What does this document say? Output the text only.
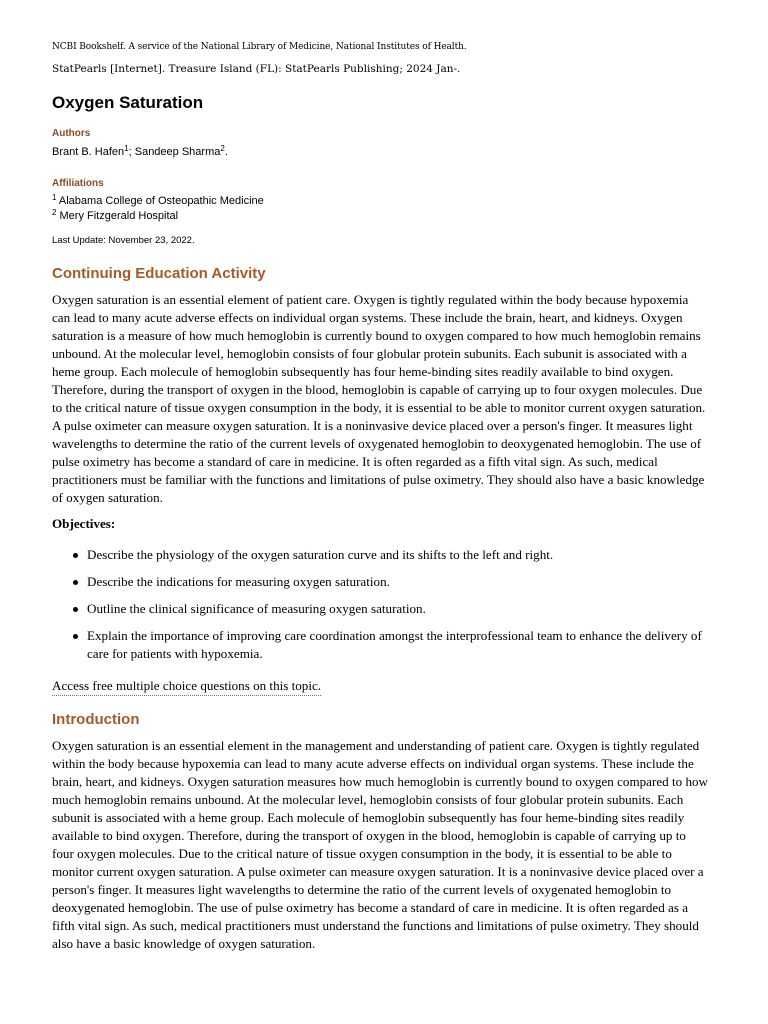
NCBI Bookshelf. A service of the National Library of Medicine, National Institutes of Health.
StatPearls [Internet]. Treasure Island (FL): StatPearls Publishing; 2024 Jan-.
Oxygen Saturation
Authors
Brant B. Hafen$^1$; Sandeep Sharma$^2$.
Affiliations
$^1$ Alabama College of Osteopathic Medicine
$^2$ Mery Fitzgerald Hospital
Last Update: November 23, 2022.
Continuing Education Activity

Oxygen saturation is an essential element of patient care. Oxygen is tightly regulated within the body because hypoxemia can lead to many acute adverse effects on individual organ systems. These include the brain, heart, and kidneys. Oxygen saturation is a measure of how much hemoglobin is currently bound to oxygen compared to how much hemoglobin remains unbound. At the molecular level, hemoglobin consists of four globular protein subunits. Each subunit is associated with a heme group. Each molecule of hemoglobin subsequently has four heme-binding sites readily available to bind oxygen. Therefore, during the transport of oxygen in the blood, hemoglobin is capable of carrying up to four oxygen molecules. Due to the critical nature of tissue oxygen consumption in the body, it is essential to be able to monitor current oxygen saturation. A pulse oximeter can measure oxygen saturation. It is a noninvasive device placed over a person's finger. It measures light wavelengths to determine the ratio of the current levels of oxygenated hemoglobin to deoxygenated hemoglobin. The use of pulse oximetry has become a standard of care in medicine. It is often regarded as a fifth vital sign. As such, medical practitioners must be familiar with the functions and limitations of pulse oximetry. They should also have a basic knowledge of oxygen saturation.

Objectives:

Describe the physiology of the oxygen saturation curve and its shifts to the left and right.
Describe the indications for measuring oxygen saturation.
Outline the clinical significance of measuring oxygen saturation.
Explain the importance of improving care coordination amongst the interprofessional team to enhance the delivery of care for patients with hypoxemia.
Access free multiple choice questions on this topic.
Introduction

Oxygen saturation is an essential element in the management and understanding of patient care. Oxygen is tightly regulated within the body because hypoxemia can lead to many acute adverse effects on individual organ systems. These include the brain, heart, and kidneys. Oxygen saturation measures how much hemoglobin is currently bound to oxygen compared to how much hemoglobin remains unbound. At the molecular level, hemoglobin consists of four globular protein subunits. Each subunit is associated with a heme group. Each molecule of hemoglobin subsequently has four heme-binding sites readily available to bind oxygen. Therefore, during the transport of oxygen in the blood, hemoglobin is capable of carrying up to four oxygen molecules. Due to the critical nature of tissue oxygen consumption in the body, it is essential to be able to monitor current oxygen saturation. A pulse oximeter can measure oxygen saturation. It is a noninvasive device placed over a person's finger. It measures light wavelengths to determine the ratio of the current levels of oxygenated hemoglobin to deoxygenated hemoglobin. The use of pulse oximetry has become a standard of care in medicine. It is often regarded as a fifth vital sign. As such, medical practitioners must understand the functions and limitations of pulse oximetry. They should also have a basic knowledge of oxygen saturation.
